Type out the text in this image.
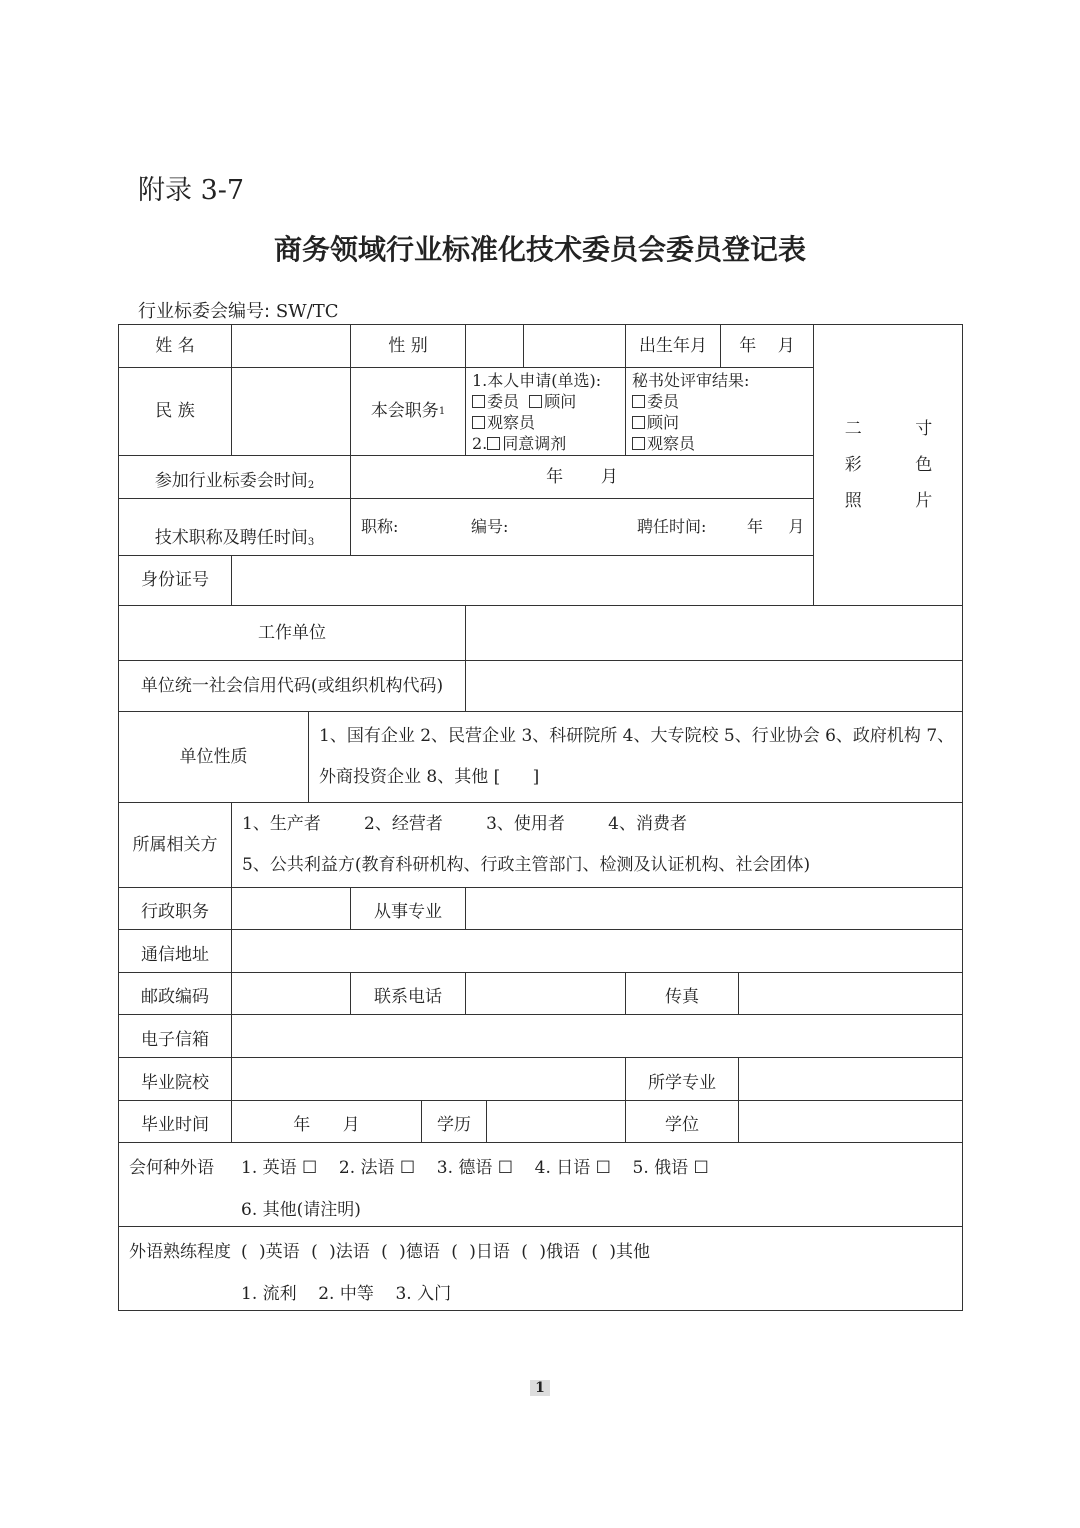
附录 3-7
商务领域行业标准化技术委员会委员登记表
行业标委会编号: SW/TC
姓 名	性 别	出生年月	年    月
二 寸
彩 色
照 片
民 族	本会职务 1
1.本人申请(单选):
委员 顾问
观察员
2. 同意调剂
秘书处评审结果:
委员
顾问
观察员
参加行业标委会时间$_2$	年       月
技术职称及聘任时间$_3$
职称:	编号:	聘任时间:	年     月
身份证号
工作单位
单位统一社会信用代码(或组织机构代码)
单位性质
1、国有企业 2、民营企业 3、科研院所 4、大专院校 5、行业协会 6、政府机构 7、
外商投资企业 8、其他 [      ]
所属相关方
1、生产者        2、经营者        3、使用者        4、消费者
5、公共利益方(教育科研机构、行政主管部门、检测及认证机构、社会团体)
行政职务	从事专业
通信地址
邮政编码	联系电话	传真
电子信箱
毕业院校	所学专业
毕业时间	年      月	学历	学位
会何种外语 1. 英语 ☐    2. 法语 ☐    3. 德语 ☐    4. 日语 ☐    5. 俄语 ☐
6. 其他(请注明)
外语熟练程度 ( )英语 ( )法语 ( )德语 ( )日语 ( )俄语 ( )其他
1. 流利    2. 中等    3. 入门
1
